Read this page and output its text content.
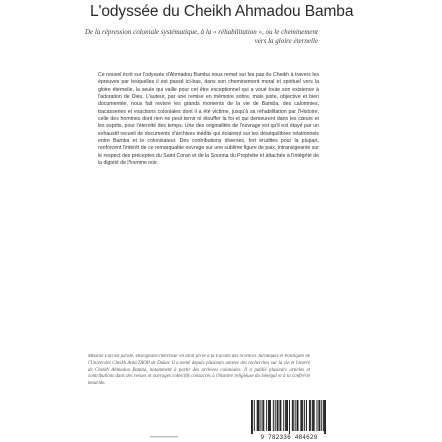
L'odyssée du Cheikh Ahmadou Bamba
De la répression coloniale systématique, à la « réhabilitation », ou le cheminement vers la gloire éternelle
Ce nouvel écrit sur l'odyssée d'Ahmadou Bamba nous remet sur les pas du Cheikh à travers les épreuves par lesquelles il est passé ici-bas, dans son cheminement moral et spirituel vers la gloire éternelle, la seule qui vaille pour cet être exceptionnel qui a voué toute son existence à l'adoration de Dieu. L'auteur, par une remise en mémoire sobre, mais juste, objective et bien documentée, nous fait revivre les grands moments de la vie de Bamba, des calomnies, tracasseries et exactions coloniales dont il a été victime, jusqu'à sa réhabilitation par l'Histoire, celle des hommes dont rien ne peut ternir ni étouffer la foi et qui demeurent dans les cœurs et les esprits, pour l'éternité des temps. Une des originalités de l'ouvrage est qu'il est étayé par un exhaustif recueil de documents d'archives inédits qui éclairent sur les déséquilibres relationnels entre Bamba et le colonisateur. Des contributions diverses, fort érudites pour la plupart, renforcent l'intérêt de ce remarquable ouvrage sur une sublime figure de paix, intransigeante sur le respect des préceptes du Saint Coran et de la Sounna du Prophète et attachée à l'intégrité de la dignité de l'homme noir.
Mbacké Fall est juriste, enseignant-chercheur en droit privé à la Faculté des Sciences Juridiques et Politiques de l'Université Cheikh Anta DIOP de Dakar. Il a mené depuis plusieurs années des recherches sur la vie et l'œuvre de Cheikh Ahmadou Bamba, notamment à partir des archives coloniales. Il a publié plusieurs articles et contributions dans des revues et ouvrages collectifs consacrés à l'histoire religieuse du Sénégal et à la confrérie mouride.
9 782336 484629
